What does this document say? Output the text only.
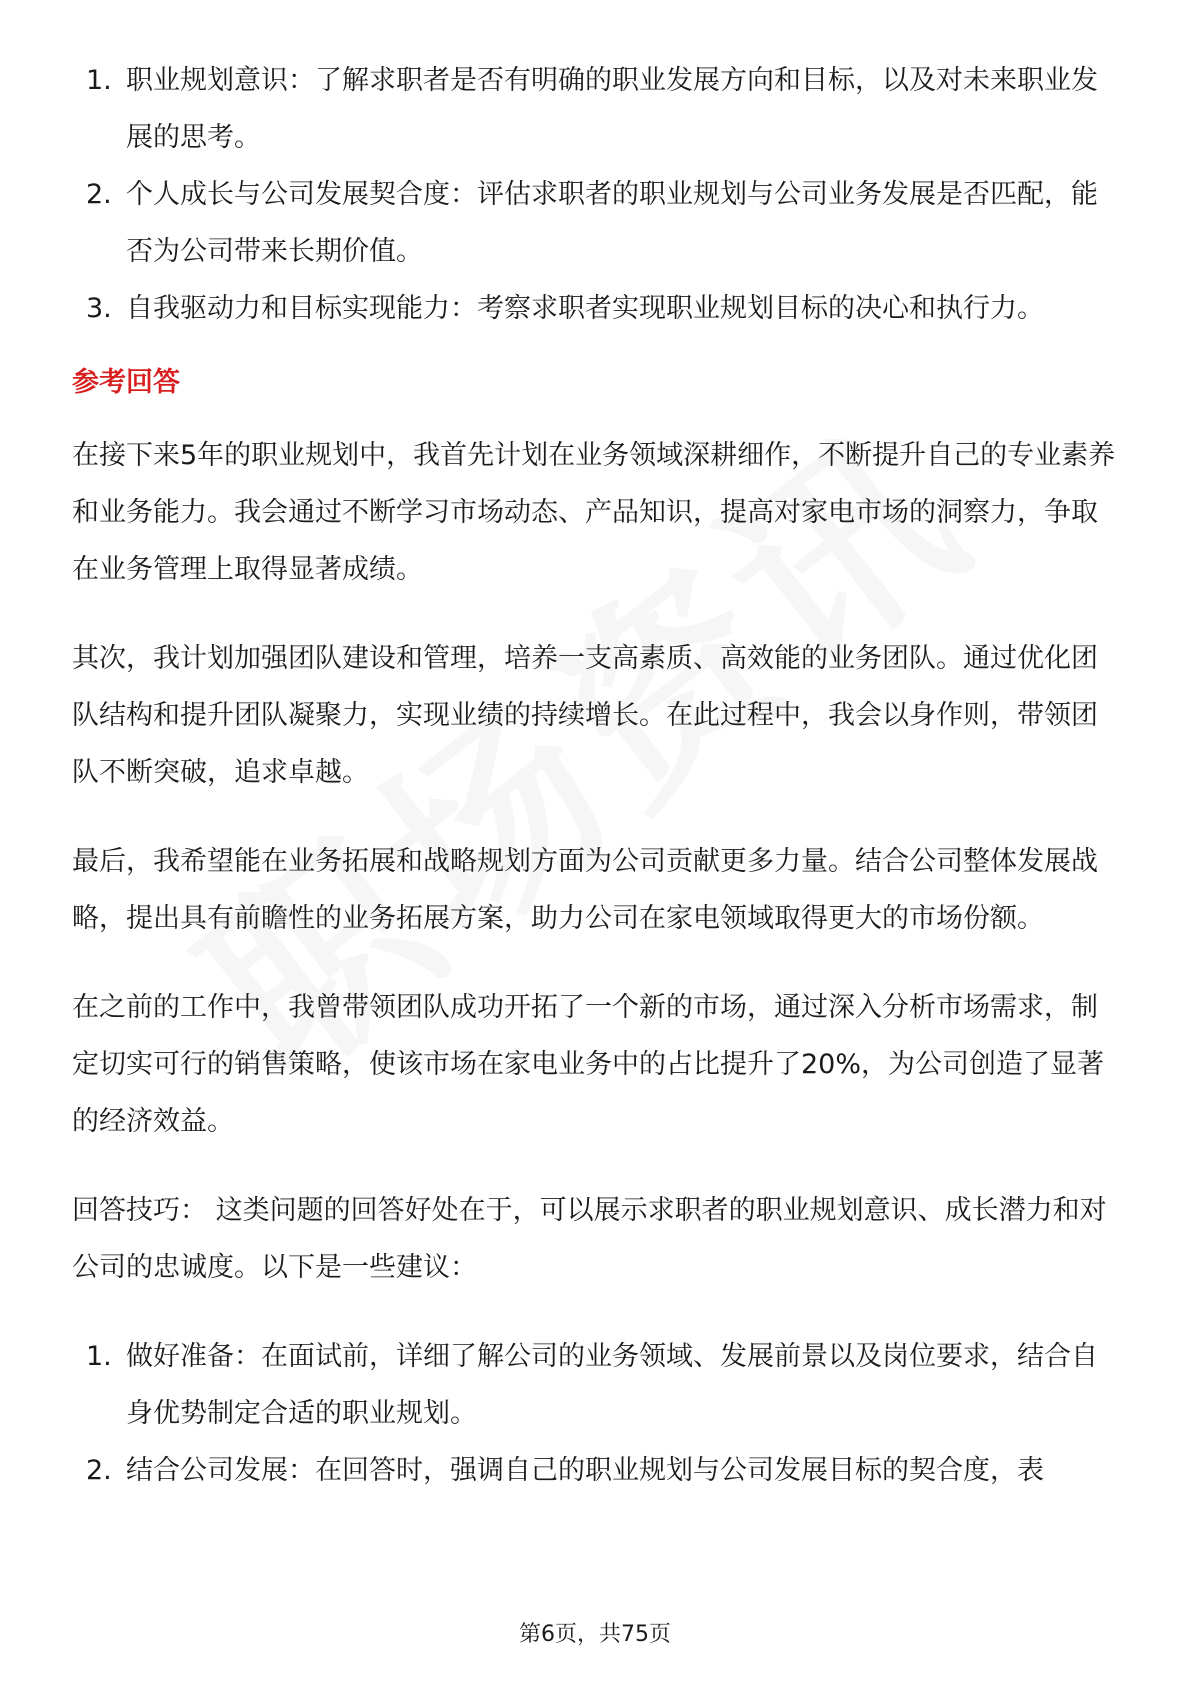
1. 职业规划意识：了解求职者是否有明确的职业发展方向和目标，以及对未来职业发展的思考。
2. 个人成长与公司发展契合度：评估求职者的职业规划与公司业务发展是否匹配，能否为公司带来长期价值。
3. 自我驱动力和目标实现能力：考察求职者实现职业规划目标的决心和执行力。
参考回答

在接下来5年的职业规划中，我首先计划在业务领域深耕细作，不断提升自己的专业素养和业务能力。我会通过不断学习市场动态、产品知识，提高对家电市场的洞察力，争取在业务管理上取得显著成绩。

其次，我计划加强团队建设和管理，培养一支高素质、高效能的业务团队。通过优化团队结构和提升团队凝聚力，实现业绩的持续增长。在此过程中，我会以身作则，带领团队不断突破，追求卓越。

最后，我希望能在业务拓展和战略规划方面为公司贡献更多力量。结合公司整体发展战略，提出具有前瞻性的业务拓展方案，助力公司在家电领域取得更大的市场份额。

在之前的工作中，我曾带领团队成功开拓了一个新的市场，通过深入分析市场需求，制定切实可行的销售策略，使该市场在家电业务中的占比提升了20%，为公司创造了显著的经济效益。

回答技巧： 这类问题的回答好处在于，可以展示求职者的职业规划意识、成长潜力和对公司的忠诚度。以下是一些建议：

1. 做好准备：在面试前，详细了解公司的业务领域、发展前景以及岗位要求，结合自身优势制定合适的职业规划。
2. 结合公司发展：在回答时，强调自己的职业规划与公司发展目标的契合度，表
第6页，共75页
